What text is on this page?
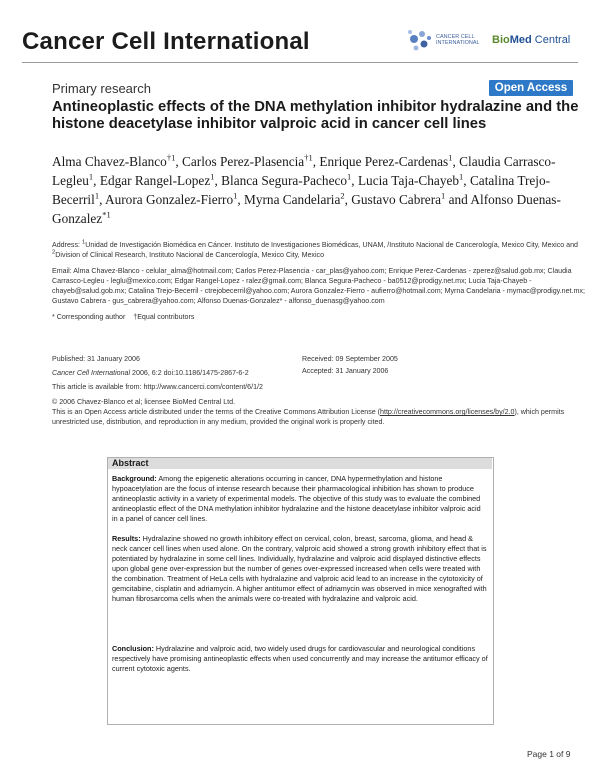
Cancer Cell International	CANCER CELL
INTERNATIONAL BioMed Central
Primary research	Open Access
Antineoplastic effects of the DNA methylation inhibitor hydralazine and the histone deacetylase inhibitor valproic acid in cancer cell lines
Alma Chavez-Blanco$^{\dagger 1}$, Carlos Perez-Plasencia$^{\dagger 1}$, Enrique Perez-Cardenas$^1$, Claudia Carrasco-Legleu$^1$, Edgar Rangel-Lopez$^1$, Blanca Segura-Pacheco$^1$, Lucia Taja-Chayeb$^1$, Catalina Trejo-Becerril$^1$, Aurora Gonzalez-Fierro$^1$, Myrna Candelaria$^2$, Gustavo Cabrera$^1$ and Alfonso Duenas-Gonzalez$^{*1}$
Address: $^1$Unidad de Investigación Biomédica en Cáncer. Instituto de Investigaciones Biomédicas, UNAM, /Instituto Nacional de Cancerología, Mexico City, Mexico and $^2$Division of Clinical Research, Instituto Nacional de Cancerología, Mexico City, Mexico
Email: Alma Chavez-Blanco - celular_alma@hotmail.com; Carlos Perez-Plasencia - car_plas@yahoo.com; Enrique Perez-Cardenas - zperez@salud.gob.mx; Claudia Carrasco-Legleu - leglu@mexico.com; Edgar Rangel-Lopez - ralez@gmail.com; Blanca Segura-Pacheco - ba0512@prodigy.net.mx; Lucia Taja-Chayeb - chayeb@salud.gob.mx; Catalina Trejo-Becerril - ctrejobecerril@yahoo.com; Aurora Gonzalez-Fierro - aufierro@hotmail.com; Myrna Candelaria - mymac@prodigy.net.mx; Gustavo Cabrera - gus_cabrera@yahoo.com; Alfonso Duenas-Gonzalez* - alfonso_duenasg@yahoo.com
* Corresponding author †Equal contributors
Published: 31 January 2006	Received: 09 September 2005
Cancer Cell International 2006, 6:2 doi:10.1186/1475-2867-6-2	Accepted: 31 January 2006
This article is available from: http://www.cancerci.com/content/6/1/2
© 2006 Chavez-Blanco et al; licensee BioMed Central Ltd.
This is an Open Access article distributed under the terms of the Creative Commons Attribution License (http://creativecommons.org/licenses/by/2.0), which permits unrestricted use, distribution, and reproduction in any medium, provided the original work is properly cited.
Abstract
Background: Among the epigenetic alterations occurring in cancer, DNA hypermethylation and histone hypoacetylation are the focus of intense research because their pharmacological inhibition has shown to produce antineoplastic activity in a variety of experimental models. The objective of this study was to evaluate the combined antineoplastic effect of the DNA methylation inhibitor hydralazine and the histone deacetylase inhibitor valproic acid in a panel of cancer cell lines.
Results: Hydralazine showed no growth inhibitory effect on cervical, colon, breast, sarcoma, glioma, and head & neck cancer cell lines when used alone. On the contrary, valproic acid showed a strong growth inhibitory effect that is potentiated by hydralazine in some cell lines. Individually, hydralazine and valproic acid displayed distinctive effects upon global gene over-expression but the number of genes over-expressed increased when cells were treated with the combination. Treatment of HeLa cells with hydralazine and valproic acid lead to an increase in the cytotoxicity of gemcitabine, cisplatin and adriamycin. A higher antitumor effect of adriamycin was observed in mice xenografted with human fibrosarcoma cells when the animals were co-treated with hydralazine and valproic acid.
Conclusion: Hydralazine and valproic acid, two widely used drugs for cardiovascular and neurological conditions respectively have promising antineoplastic effects when used concurrently and may increase the antitumor efficacy of current cytotoxic agents.
Page 1 of 9
